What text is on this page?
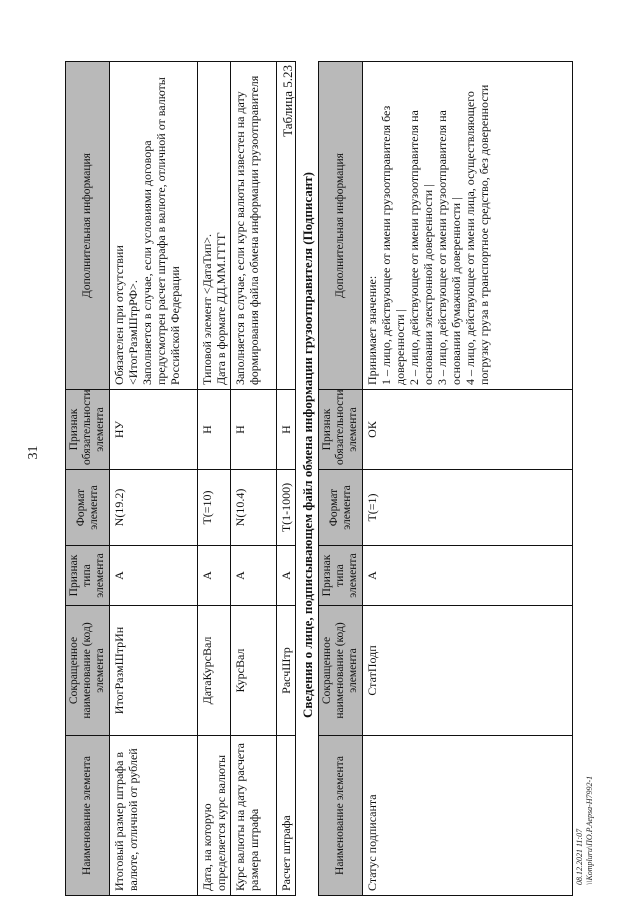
31
Наименование элемента	Сокращенное наименование (код) элемента	Признак типа элемента	Формат элемента	Признак обязательности элемента	Дополнительная информация
Итоговый размер штрафа в валюте, отличной от рублей	ИтогРазмШтрИн	А	N(19.2)	НУ	Обязателен при отсутствии <ИтогРазмШтрРФ>. Заполняется в случае, если условиями договора предусмотрен расчет штрафа в валюте, отличной от валюты Российской Федерации

Дата, на которую определяется курс валюты	ДатаКурсВал	А	T(=10)	Н	Типовой элемент <ДатаТип>. Дата в формате ДД.ММ.ГГГГ

Курс валюты на дату расчета размера штрафа	КурсВал	А	N(10.4)	Н	Заполняется в случае, если курс валюты известен на дату формирования файла обмена информации грузоотправителя

Расчет штрафа	РасчШтр	А	T(1-1000)	Н	
Таблица 5.23
Сведения о лице, подписывающем файл обмена информации грузоотправителя (Подписант)
Наименование элемента	Сокращенное наименование (код) элемента	Признак типа элемента	Формат элемента	Признак обязательности элемента	Дополнительная информация
Статус подписанта	СтатПодп	А	T(=1)	ОК	Принимает значение: 1 – лицо, действующее от имени грузоотправителя без доверенности | 2 – лицо, действующее от имени грузоотправителя на основании электронной доверенности | 3 – лицо, действующее от имени грузоотправителя на основании бумажной доверенности | 4 – лицо, действующее от имени лица, осуществляющего погрузку груза в транспортное средство, без доверенности
08.12.2021 11:07 \\Kompluru\ПО.P.Aepsa-H7992-1
